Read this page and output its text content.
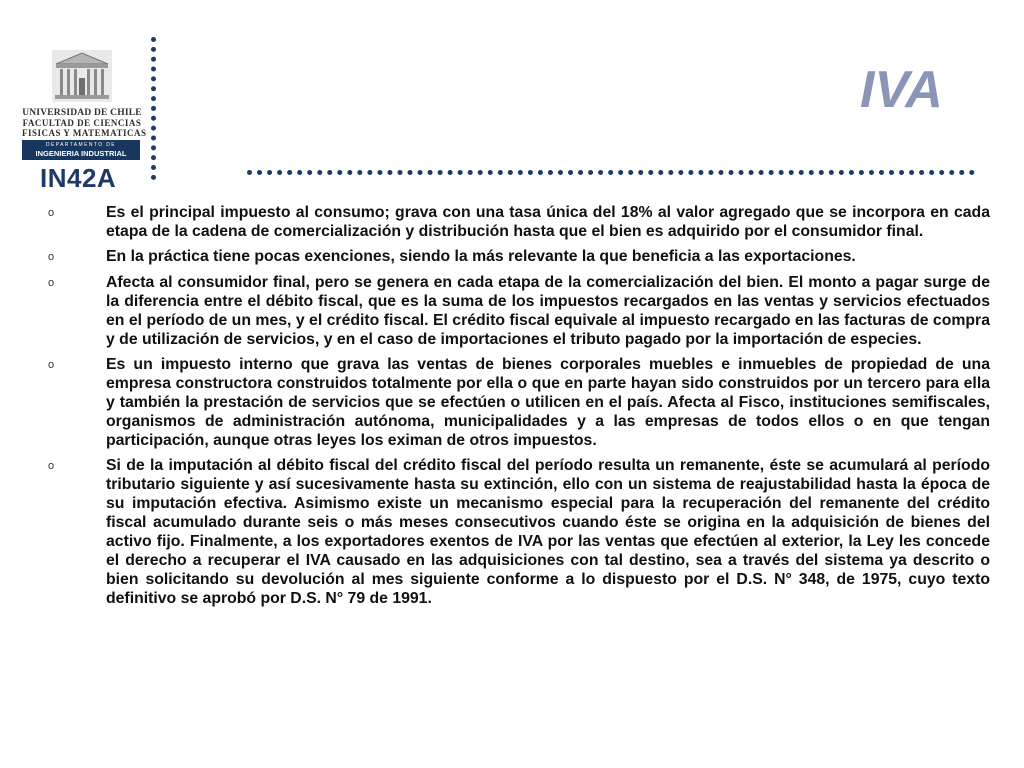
UNIVERSIDAD DE CHILE
FACULTAD DE CIENCIAS
FISICAS Y MATEMATICAS
DEPARTAMENTO DE
INGENIERIA INDUSTRIAL
IN42A
IVA
o	Es el principal impuesto al consumo; grava con una tasa única del 18% al valor agregado que se incorpora en cada etapa de la cadena de comercialización y distribución hasta que el bien es adquirido por el consumidor final.
o	En la práctica tiene pocas exenciones, siendo la más relevante la que beneficia a las exportaciones.
o	Afecta al consumidor final, pero se genera en cada etapa de la comercialización del bien. El monto a pagar surge de la diferencia entre el débito fiscal, que es la suma de los impuestos recargados en las ventas y servicios efectuados en el período de un mes, y el crédito fiscal. El crédito fiscal equivale al impuesto recargado en las facturas de compra y de utilización de servicios, y en el caso de importaciones el tributo pagado por la importación de especies.
o	Es un impuesto interno que grava las ventas de bienes corporales muebles e inmuebles de propiedad de una empresa constructora construidos totalmente por ella o que en parte hayan sido construidos por un tercero para ella y también la prestación de servicios que se efectúen o utilicen en el país. Afecta al Fisco, instituciones semifiscales, organismos de administración autónoma, municipalidades y a las empresas de todos ellos o en que tengan participación, aunque otras leyes los eximan de otros impuestos.
o	Si de la imputación al débito fiscal del crédito fiscal del período resulta un remanente, éste se acumulará al período tributario siguiente y así sucesivamente hasta su extinción, ello con un sistema de reajustabilidad hasta la época de su imputación efectiva. Asimismo existe un mecanismo especial para la recuperación del remanente del crédito fiscal acumulado durante seis o más meses consecutivos cuando éste se origina en la adquisición de bienes del activo fijo. Finalmente, a los exportadores exentos de IVA por las ventas que efectúen al exterior, la Ley les concede el derecho a recuperar el IVA causado en las adquisiciones con tal destino, sea a través del sistema ya descrito o bien solicitando su devolución al mes siguiente conforme a lo dispuesto por el D.S. N° 348, de 1975, cuyo texto definitivo se aprobó por D.S. N° 79 de 1991.
